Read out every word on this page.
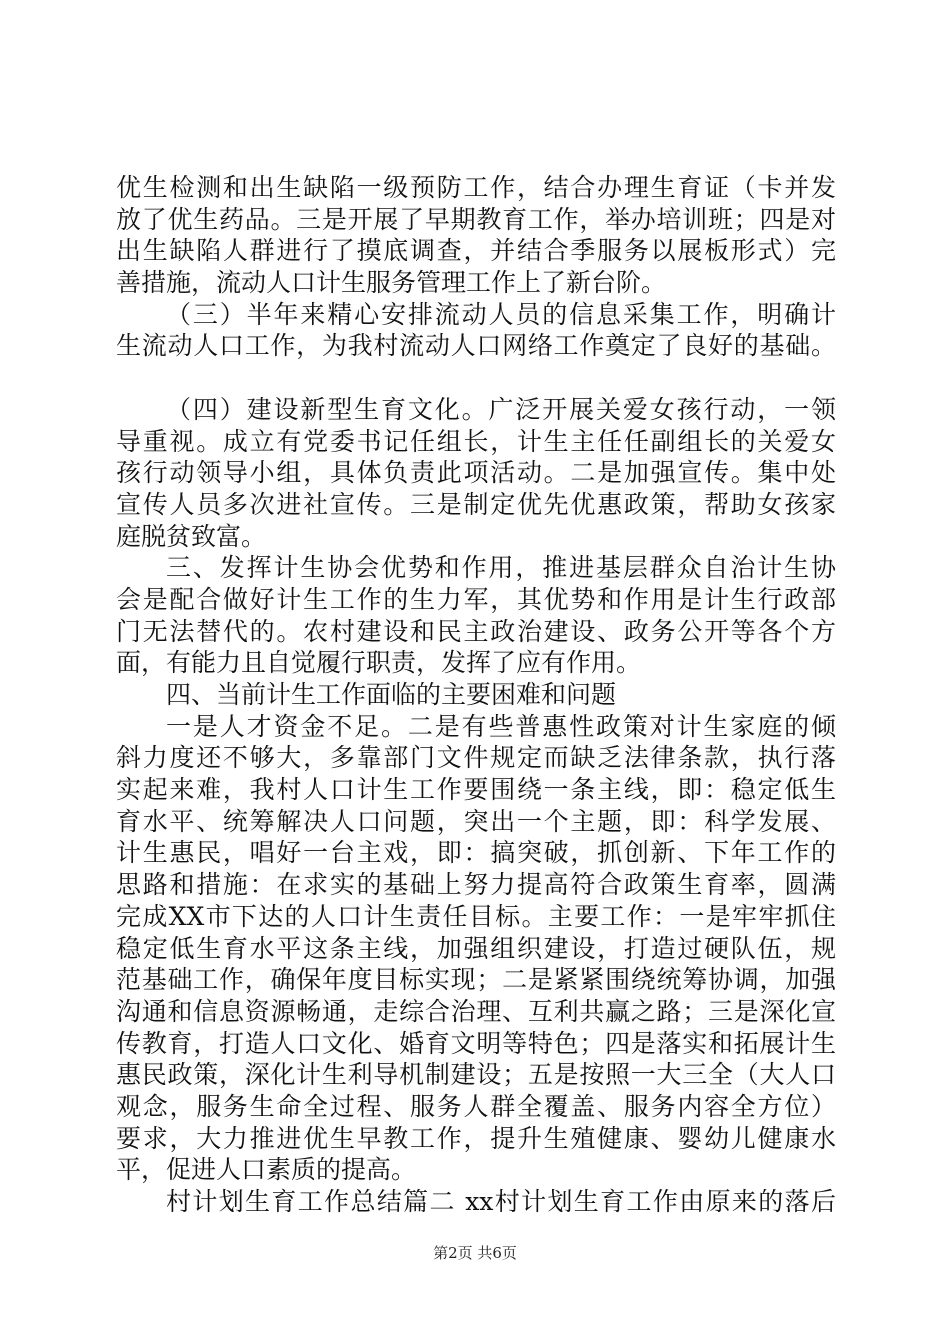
优生检测和出生缺陷一级预防工作，结合办理生育证（卡并发
放了优生药品。三是开展了早期教育工作，举办培训班；四是对
出生缺陷人群进行了摸底调查，并结合季服务以展板形式）完
善措施，流动人口计生服务管理工作上了新台阶。
（三）半年来精心安排流动人员的信息采集工作，明确计
生流动人口工作，为我村流动人口网络工作奠定了良好的基础。
（四）建设新型生育文化。广泛开展关爱女孩行动，一领
导重视。成立有党委书记任组长，计生主任任副组长的关爱女
孩行动领导小组，具体负责此项活动。二是加强宣传。集中处
宣传人员多次进社宣传。三是制定优先优惠政策，帮助女孩家
庭脱贫致富。
三、发挥计生协会优势和作用，推进基层群众自治计生协
会是配合做好计生工作的生力军，其优势和作用是计生行政部
门无法替代的。农村建设和民主政治建设、政务公开等各个方
面，有能力且自觉履行职责，发挥了应有作用。
四、当前计生工作面临的主要困难和问题
一是人才资金不足。二是有些普惠性政策对计生家庭的倾
斜力度还不够大，多靠部门文件规定而缺乏法律条款，执行落
实起来难，我村人口计生工作要围绕一条主线，即：稳定低生
育水平、统筹解决人口问题，突出一个主题，即：科学发展、
计生惠民，唱好一台主戏，即：搞突破，抓创新、下年工作的
思路和措施：在求实的基础上努力提高符合政策生育率，圆满
完成XX市下达的人口计生责任目标。主要工作：一是牢牢抓住
稳定低生育水平这条主线，加强组织建设，打造过硬队伍，规
范基础工作，确保年度目标实现；二是紧紧围绕统筹协调，加强
沟通和信息资源畅通，走综合治理、互利共赢之路；三是深化宣
传教育，打造人口文化、婚育文明等特色；四是落实和拓展计生
惠民政策，深化计生利导机制建设；五是按照一大三全（大人口
观念，服务生命全过程、服务人群全覆盖、服务内容全方位）
要求，大力推进优生早教工作，提升生殖健康、婴幼儿健康水
平，促进人口素质的提高。
村计划生育工作总结篇二 xx村计划生育工作由原来的落后
第2页 共6页
